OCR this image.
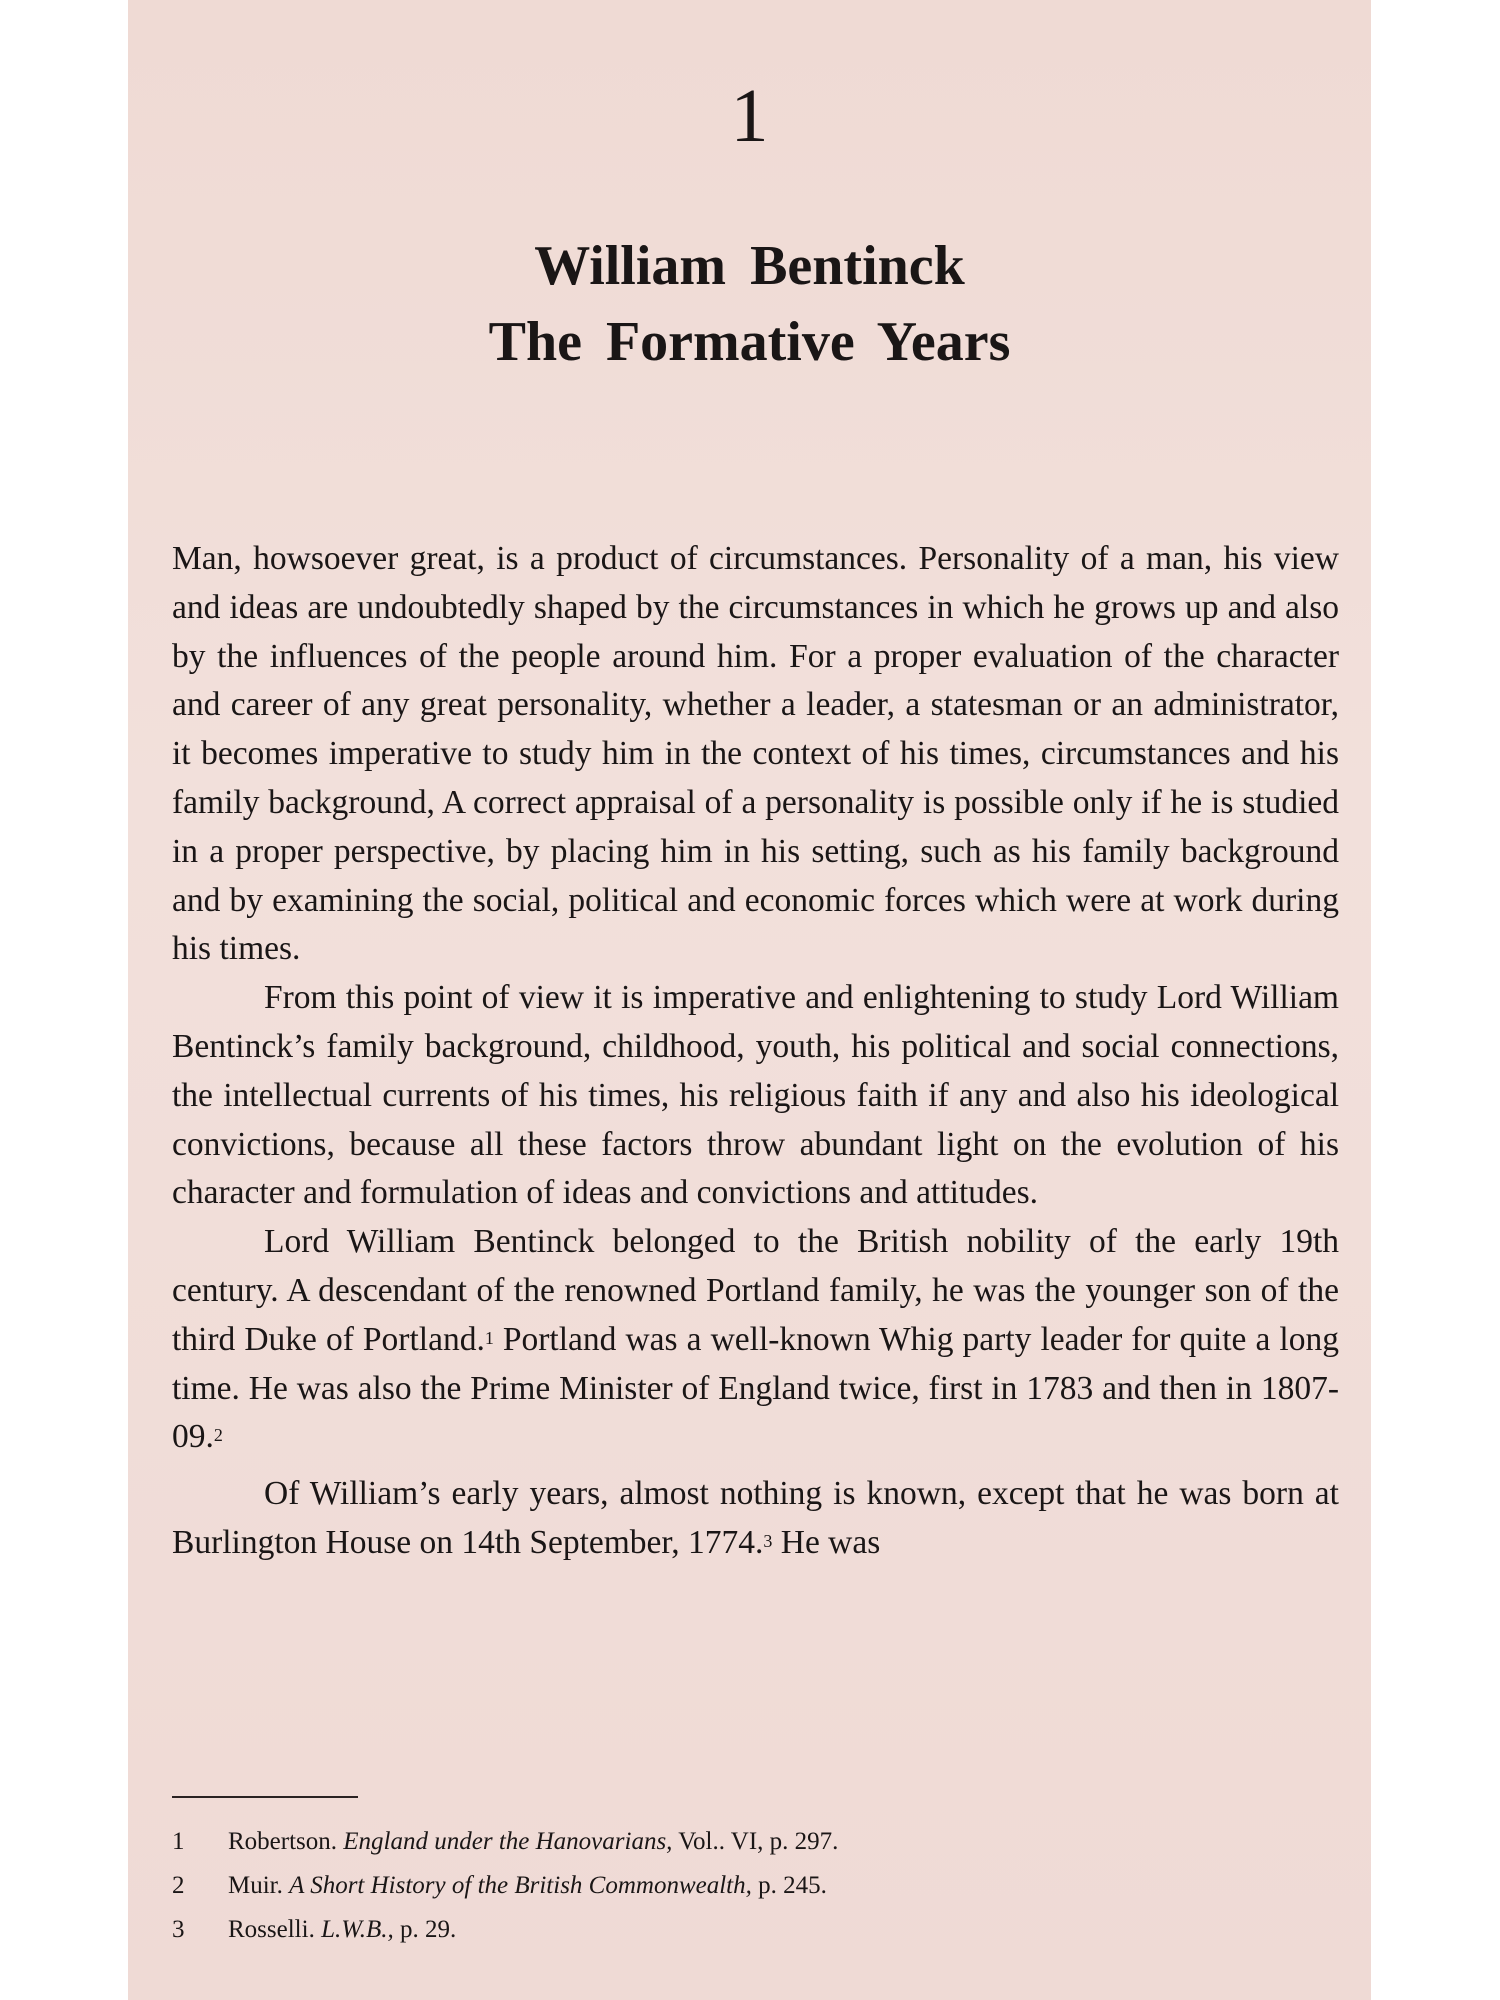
1
William Bentinck
The Formative Years

Man, howsoever great, is a product of circumstances. Personality of a man, his view and ideas are undoubtedly shaped by the circumstances in which he grows up and also by the influences of the people around him. For a proper evaluation of the character and career of any great personality, whether a leader, a statesman or an administrator, it becomes imperative to study him in the context of his times, circumstances and his family background, A correct appraisal of a personality is possible only if he is studied in a proper perspective, by placing him in his setting, such as his family background and by examining the social, political and economic forces which were at work during his times.

From this point of view it is imperative and enlightening to study Lord William Bentinck’s family background, childhood, youth, his political and social connections, the intellectual currents of his times, his religious faith if any and also his ideological convictions, because all these factors throw abundant light on the evolution of his character and formulation of ideas and convictions and attitudes.

Lord William Bentinck belonged to the British nobility of the early 19th century. A descendant of the renowned Portland family, he was the younger son of the third Duke of Portland.$^1$ Portland was a well-known Whig party leader for quite a long time. He was also the Prime Minister of England twice, first in 1783 and then in 1807-09.$^2$

Of William’s early years, almost nothing is known, except that he was born at Burlington House on 14th September, 1774.$^3$ He was

1	Robertson. England under the Hanovarians, Vol.. VI, p. 297.
2	Muir. A Short History of the British Commonwealth, p. 245.
3	Rosselli. L.W.B., p. 29.
